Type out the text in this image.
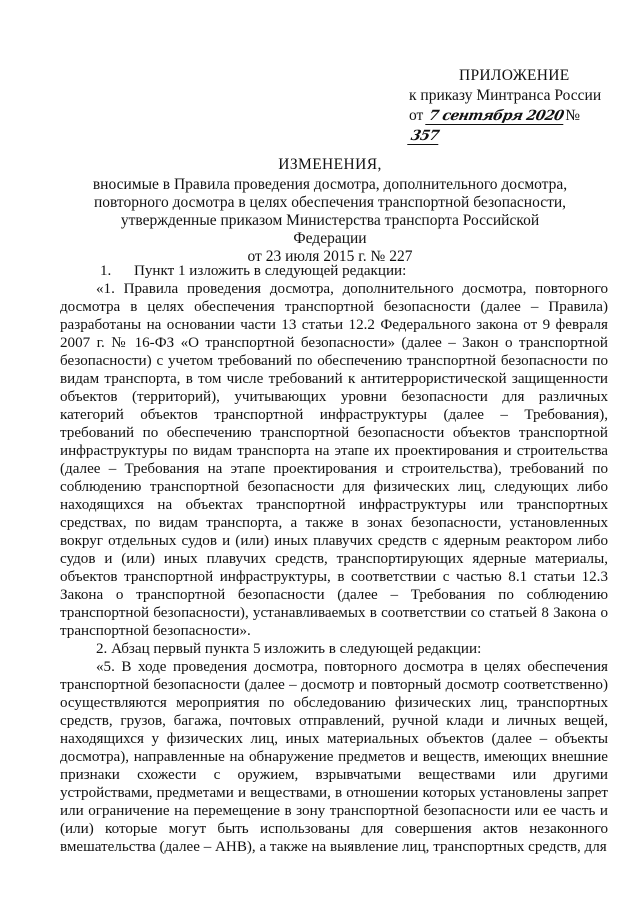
ПРИЛОЖЕНИЕ
к приказу Минтранса России
от 7 сентября 2020№357
ИЗМЕНЕНИЯ,
вносимые в Правила проведения досмотра, дополнительного досмотра,
повторного досмотра в целях обеспечения транспортной безопасности,
утвержденные приказом Министерства транспорта Российской Федерации
от 23 июля 2015 г. № 227

1.      Пункт 1 изложить в следующей редакции:

«1. Правила проведения досмотра, дополнительного досмотра, повторного досмотра в целях обеспечения транспортной безопасности (далее – Правила) разработаны на основании части 13 статьи 12.2 Федерального закона от 9 февраля 2007 г. № 16-ФЗ «О транспортной безопасности» (далее – Закон о транспортной безопасности) с учетом требований по обеспечению транспортной безопасности по видам транспорта, в том числе требований к антитеррористической защищенности объектов (территорий), учитывающих уровни безопасности для различных категорий объектов транспортной инфраструктуры (далее – Требования), требований по обеспечению транспортной безопасности объектов транспортной инфраструктуры по видам транспорта на этапе их проектирования и строительства (далее – Требования на этапе проектирования и строительства), требований по соблюдению транспортной безопасности для физических лиц, следующих либо находящихся на объектах транспортной инфраструктуры или транспортных средствах, по видам транспорта, а также в зонах безопасности, установленных вокруг отдельных судов и (или) иных плавучих средств с ядерным реактором либо судов и (или) иных плавучих средств, транспортирующих ядерные материалы, объектов транспортной инфраструктуры, в соответствии с частью 8.1 статьи 12.3 Закона о транспортной безопасности (далее – Требования по соблюдению транспортной безопасности), устанавливаемых в соответствии со статьей 8 Закона о транспортной безопасности».

2. Абзац первый пункта 5 изложить в следующей редакции:

«5. В ходе проведения досмотра, повторного досмотра в целях обеспечения транспортной безопасности (далее – досмотр и повторный досмотр соответственно) осуществляются мероприятия по обследованию физических лиц, транспортных средств, грузов, багажа, почтовых отправлений, ручной клади и личных вещей, находящихся у физических лиц, иных материальных объектов (далее – объекты досмотра), направленные на обнаружение предметов и веществ, имеющих внешние признаки схожести с оружием, взрывчатыми веществами или другими устройствами, предметами и веществами, в отношении которых установлены запрет или ограничение на перемещение в зону транспортной безопасности или ее часть и (или) которые могут быть использованы для совершения актов незаконного вмешательства (далее – АНВ), а также на выявление лиц, транспортных средств, для
